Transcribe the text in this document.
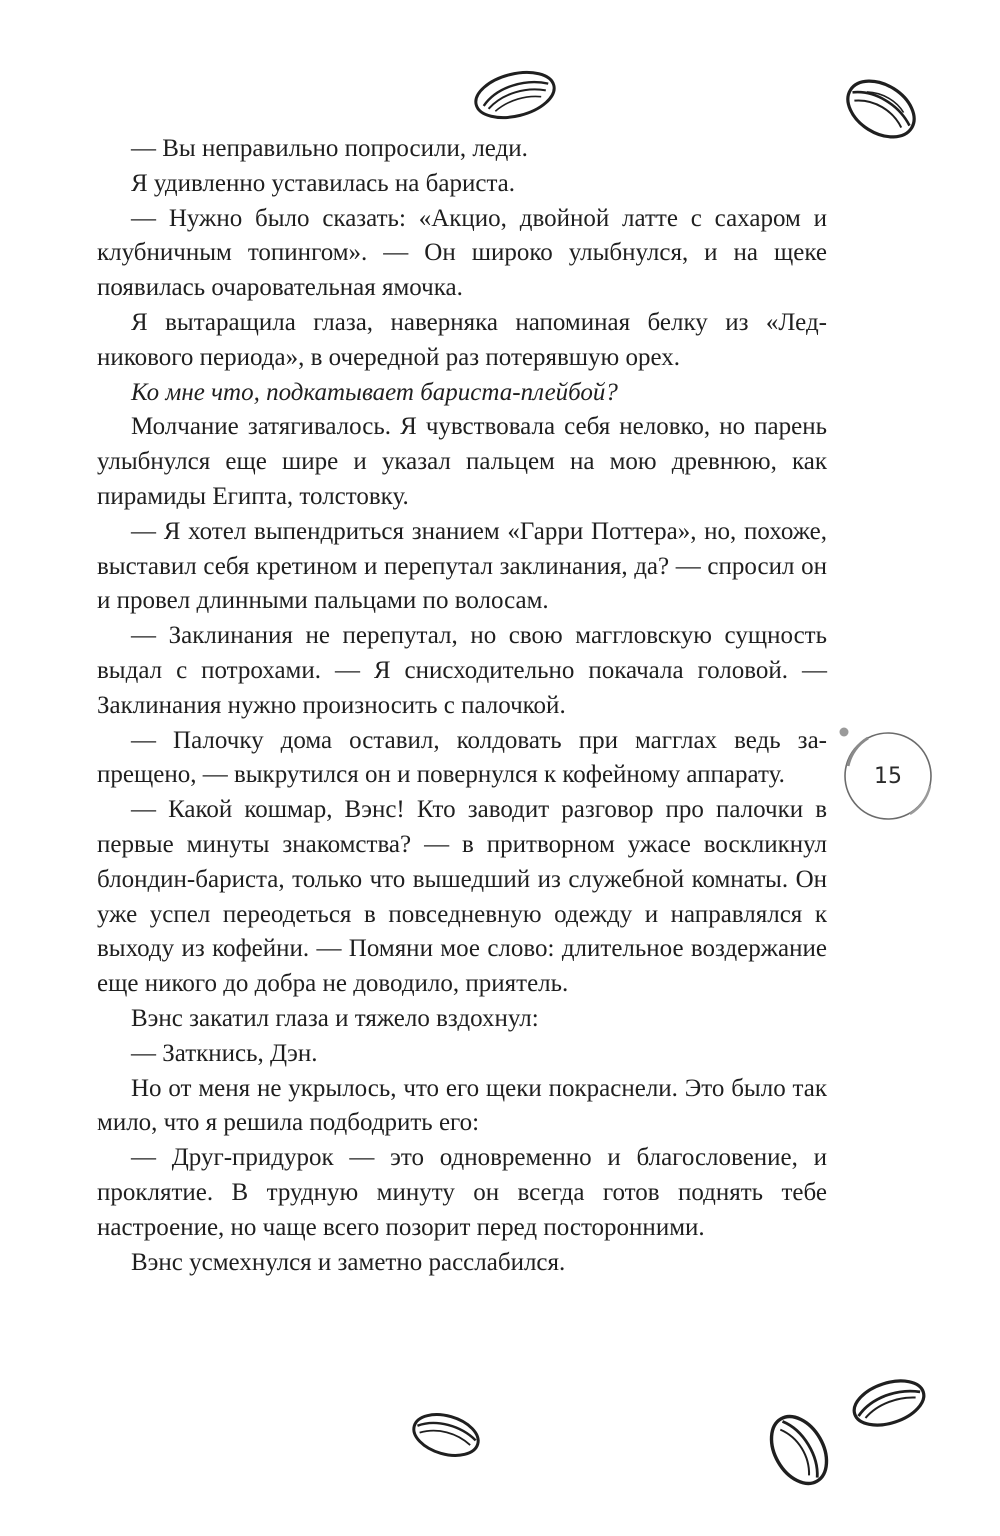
15

— Вы неправильно попросили, леди.

Я удивленно уставилась на бариста.

— Нужно было сказать: «Акцио, двойной латте с сахаром и клубничным топингом». — Он широко улыбнулся, и на щеке появилась очаровательная ямочка.

Я вытаращила глаза, наверняка напоминая белку из «Ледникового периода», в очередной раз потерявшую орех.

Ко мне что, подкатывает бариста-плейбой?

Молчание затягивалось. Я чувствовала себя неловко, но парень улыбнулся еще шире и указал пальцем на мою древнюю, как пирамиды Египта, толстовку.

— Я хотел выпендриться знанием «Гарри Поттера», но, похоже, выставил себя кретином и перепутал заклинания, да? — спросил он и провел длинными пальцами по волосам.

— Заклинания не перепутал, но свою маггловскую сущность выдал с потрохами. — Я снисходительно покачала головой. — Заклинания нужно произносить с палочкой.

— Палочку дома оставил, колдовать при магглах ведь запрещено, — выкрутился он и повернулся к кофейному аппарату.

— Какой кошмар, Вэнс! Кто заводит разговор про палочки в первые минуты знакомства? — в притворном ужасе воскликнул блондин-бариста, только что вышедший из служебной комнаты. Он уже успел переодеться в повседневную одежду и направлялся к выходу из кофейни. — Помяни мое слово: длительное воздержание еще никого до добра не доводило, приятель.

Вэнс закатил глаза и тяжело вздохнул:

— Заткнись, Дэн.

Но от меня не укрылось, что его щеки покраснели. Это было так мило, что я решила подбодрить его:

— Друг-придурок — это одновременно и благословение, и проклятие. В трудную минуту он всегда готов поднять тебе настроение, но чаще всего позорит перед посторонними.

Вэнс усмехнулся и заметно расслабился.
